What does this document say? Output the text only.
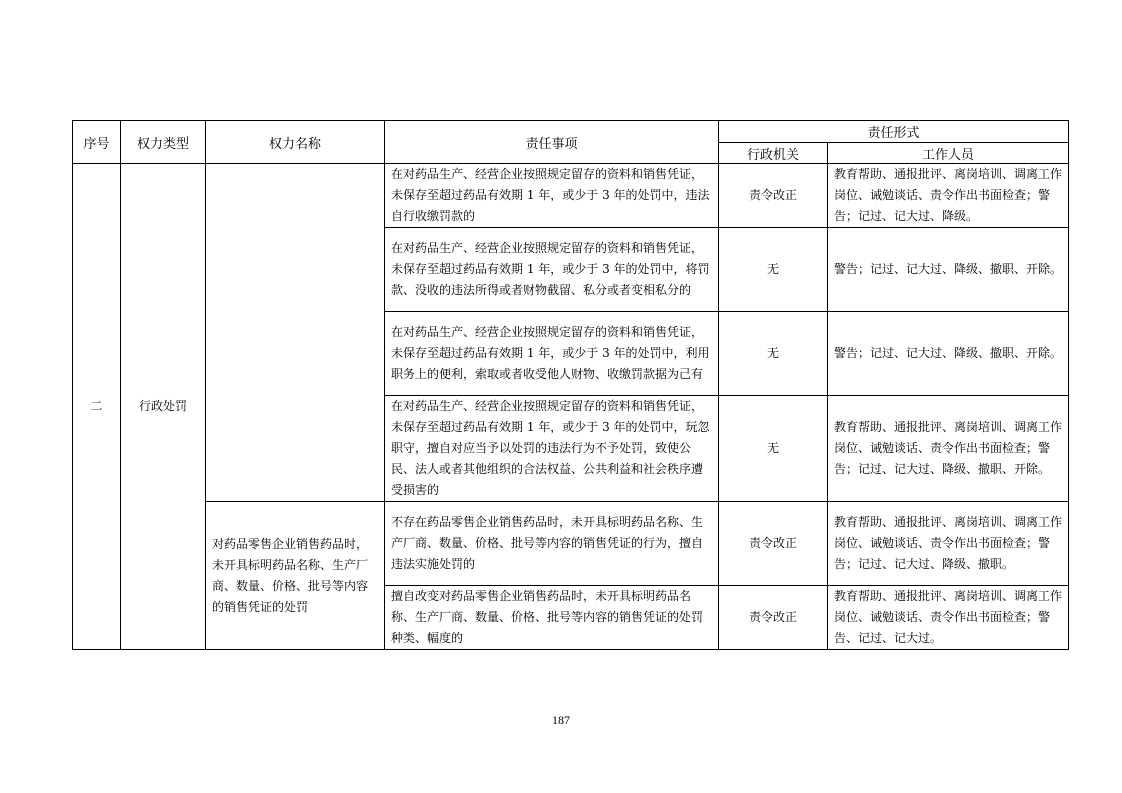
序号	权力类型	权力名称	责任事项	责任形式	
				行政机关	工作人员
二	行政处罚		在对药品生产、经营企业按照规定留存的资料和销售凭证，未保存至超过药品有效期 1 年，或少于 3 年的处罚中，违法自行收缴罚款的	责令改正	教育帮助、通报批评、离岗培训、调离工作岗位、诫勉谈话、责令作出书面检查；警告；记过、记大过、降级。
			在对药品生产、经营企业按照规定留存的资料和销售凭证，未保存至超过药品有效期 1 年，或少于 3 年的处罚中，将罚款、没收的违法所得或者财物截留、私分或者变相私分的	无	警告；记过、记大过、降级、撤职、开除。
			在对药品生产、经营企业按照规定留存的资料和销售凭证，未保存至超过药品有效期 1 年，或少于 3 年的处罚中，利用职务上的便利，索取或者收受他人财物、收缴罚款据为己有	无	警告；记过、记大过、降级、撤职、开除。
			在对药品生产、经营企业按照规定留存的资料和销售凭证，未保存至超过药品有效期 1 年，或少于 3 年的处罚中，玩忽职守，擅自对应当予以处罚的违法行为不予处罚，致使公民、法人或者其他组织的合法权益、公共利益和社会秩序遭受损害的	无	教育帮助、通报批评、离岗培训、调离工作岗位、诫勉谈话、责令作出书面检查；警告；记过、记大过、降级、撤职、开除。
		对药品零售企业销售药品时，未开具标明药品名称、生产厂商、数量、价格、批号等内容的销售凭证的处罚	不存在药品零售企业销售药品时，未开具标明药品名称、生产厂商、数量、价格、批号等内容的销售凭证的行为，擅自违法实施处罚的	责令改正	教育帮助、通报批评、离岗培训、调离工作岗位、诫勉谈话、责令作出书面检查；警告；记过、记大过、降级、撤职。
			擅自改变对药品零售企业销售药品时，未开具标明药品名称、生产厂商、数量、价格、批号等内容的销售凭证的处罚种类、幅度的	责令改正	教育帮助、通报批评、离岗培训、调离工作岗位、诫勉谈话、责令作出书面检查；警告、记过、记大过。
187
